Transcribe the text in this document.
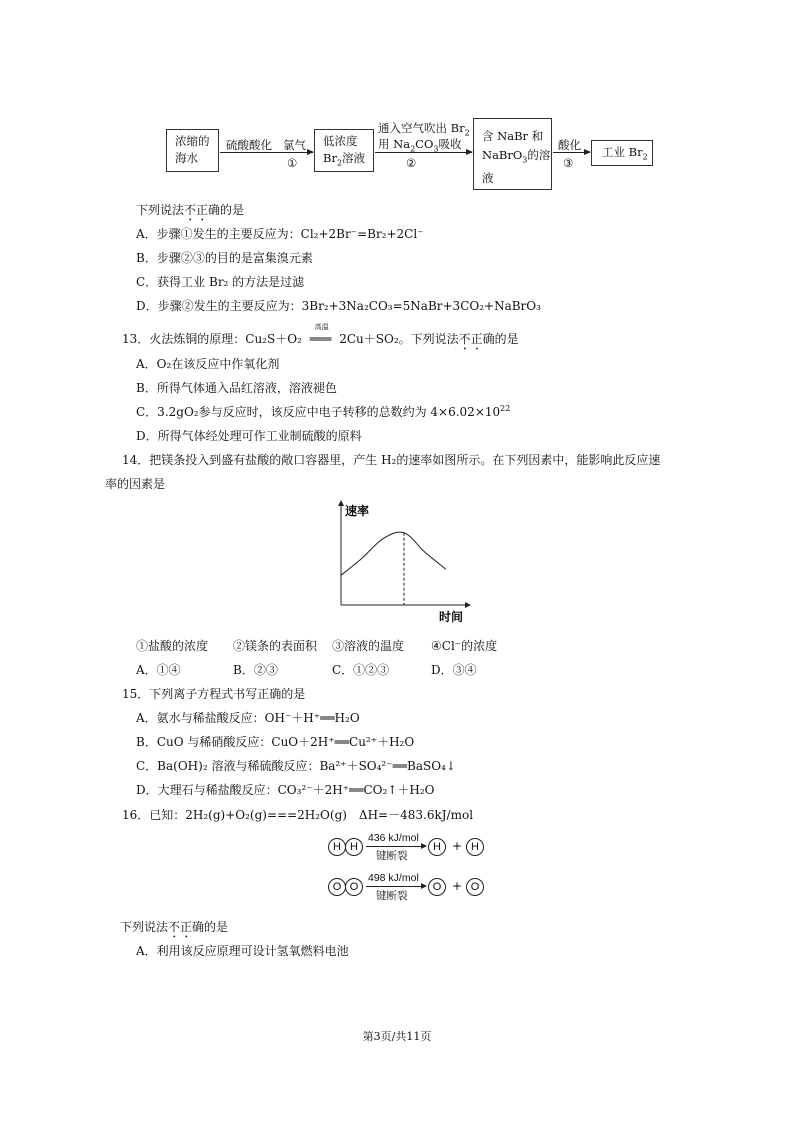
浓缩的
海水
硫酸酸化 氯气
①
低浓度
$Br_2$溶液
通入空气吹出 $Br_2$
用 $Na_2CO_3$吸收
②
含 NaBr 和
NaBrO$_3$的溶
液
酸化
③
工业 $Br_2$
下列说法不正确的是
A．步骤①发生的主要反应为：Cl₂+2Br⁻=Br₂+2Cl⁻
B．步骤②③的目的是富集溴元素
C．获得工业 Br₂ 的方法是过滤
D．步骤②发生的主要反应为：3Br₂+3Na₂CO₃=5NaBr+3CO₂+NaBrO₃
13．火法炼铜的原理：Cu₂S＋O₂
高温
═══ 2Cu＋SO₂。下列说法不正确的是
A．O₂在该反应中作氧化剂
B．所得气体通入品红溶液，溶液褪色
C．3.2gO₂参与反应时，该反应中电子转移的总数约为 $4\times 6.02\times 10^{22}$
D．所得气体经处理可作工业制硫酸的原料
14．把镁条投入到盛有盐酸的敞口容器里，产生 H₂的速率如图所示。在下列因素中，能影响此反应速
率的因素是
速率
时间
①盐酸的浓度 ②镁条的表面积 ③溶液的温度 ④Cl⁻的浓度
A．①④	B．②③	C．①②③	D．③④
15．下列离子方程式书写正确的是
A．氨水与稀盐酸反应：OH⁻＋H⁺══H₂O
B．CuO 与稀硝酸反应：CuO＋2H⁺══Cu²⁺＋H₂O
C．Ba(OH)₂ 溶液与稀硫酸反应：Ba²⁺＋SO₄²⁻══BaSO₄↓
D．大理石与稀盐酸反应：CO₃²⁻＋2H⁺══CO₂↑＋H₂O
16．已知：2H₂(g)+O₂(g)===2H₂O(g)　ΔH=－483.6kJ/mol
H H
436 kJ/mol
键断裂
H + H
O O
498 kJ/mol
键断裂
O + O
下列说法不正确的是
A．利用该反应原理可设计氢氧燃料电池
第3页/共11页
